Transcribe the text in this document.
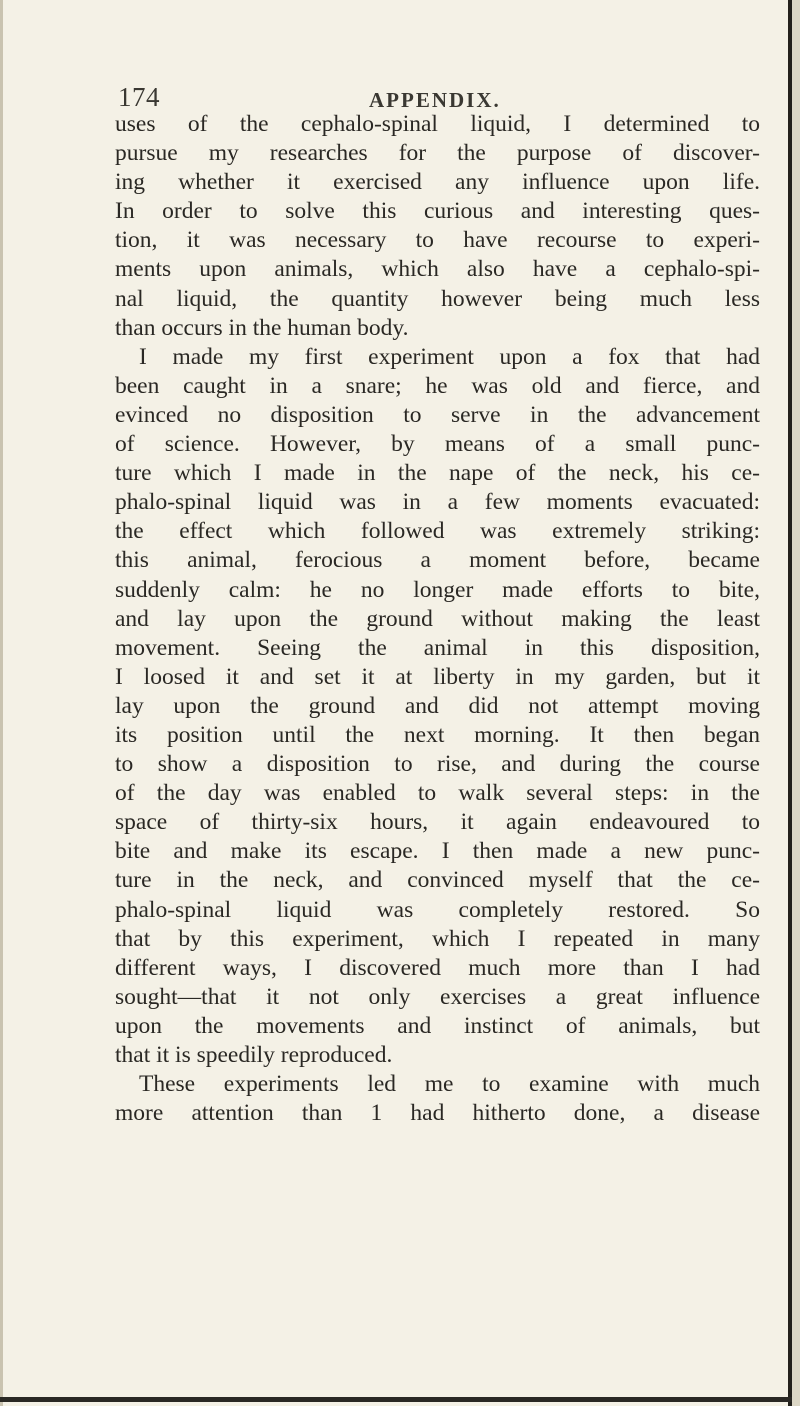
174	APPENDIX.
uses of the cephalo-spinal liquid, I determined to
pursue my researches for the purpose of discover-
ing whether it exercised any influence upon life.
In order to solve this curious and interesting ques-
tion, it was necessary to have recourse to experi-
ments upon animals, which also have a cephalo-spi-
nal liquid, the quantity however being much less
than occurs in the human body.
I made my first experiment upon a fox that had
been caught in a snare; he was old and fierce, and
evinced no disposition to serve in the advancement
of science. However, by means of a small punc-
ture which I made in the nape of the neck, his ce-
phalo-spinal liquid was in a few moments evacuated:
the effect which followed was extremely striking:
this animal, ferocious a moment before, became
suddenly calm: he no longer made efforts to bite,
and lay upon the ground without making the least
movement. Seeing the animal in this disposition,
I loosed it and set it at liberty in my garden, but it
lay upon the ground and did not attempt moving
its position until the next morning. It then began
to show a disposition to rise, and during the course
of the day was enabled to walk several steps: in the
space of thirty-six hours, it again endeavoured to
bite and make its escape. I then made a new punc-
ture in the neck, and convinced myself that the ce-
phalo-spinal liquid was completely restored. So
that by this experiment, which I repeated in many
different ways, I discovered much more than I had
sought—that it not only exercises a great influence
upon the movements and instinct of animals, but
that it is speedily reproduced.
These experiments led me to examine with much
more attention than 1 had hitherto done, a disease
